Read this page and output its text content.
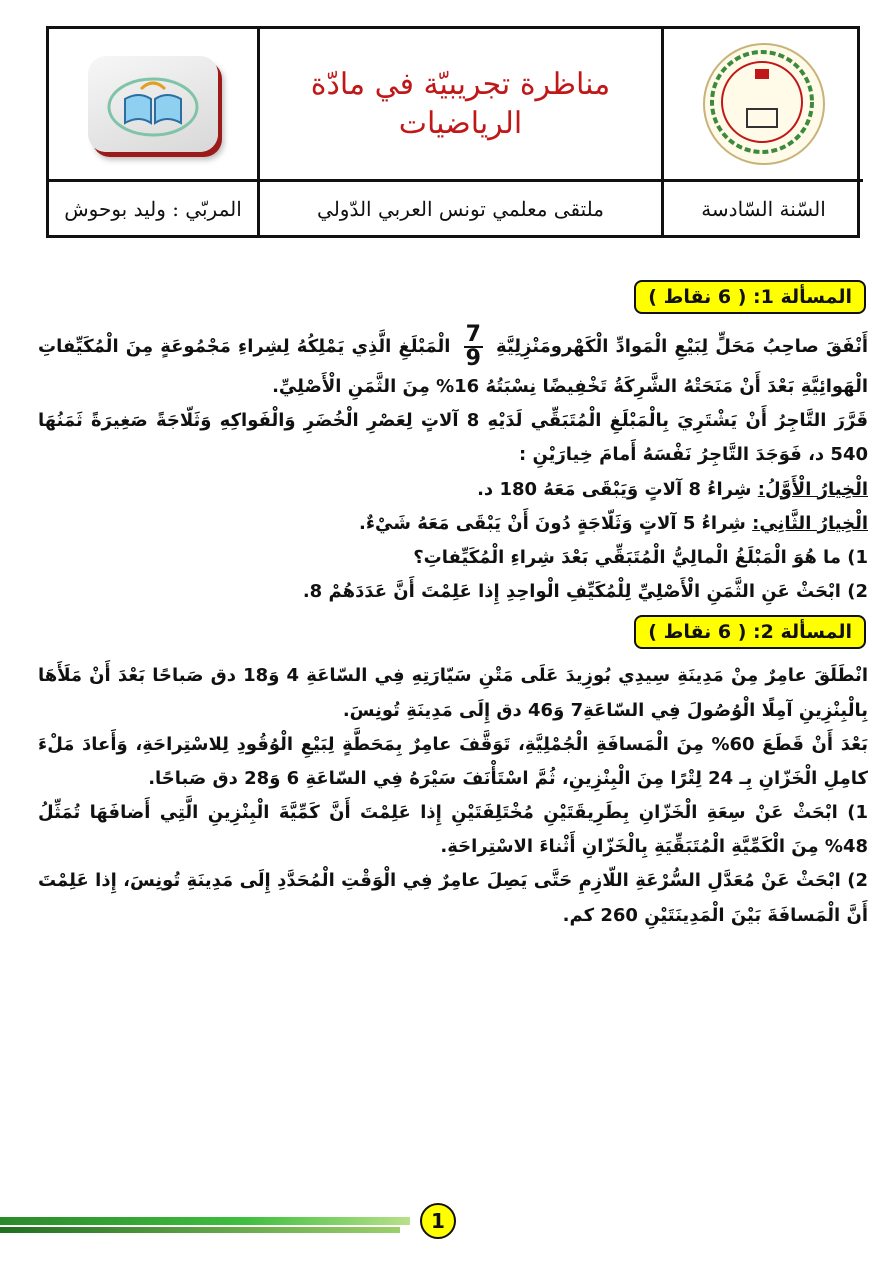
مناظرة تجريبيّة في مادّة
الرياضيات
المربّي : وليد بوحوش	ملتقى معلمي تونس العربي الدّولي	السّنة السّادسة
المسألة 1: ( 6 نقاط )

أَنْفَقَ صاحِبُ مَحَلٍّ لِبَيْعِ الْمَوادِّ الْكَهْرومَنْزِلِيَّةِ
$\frac{7}{9}$
الْمَبْلَغِ الَّذِي يَمْلِكُهُ لِشِراءِ مَجْمُوعَةٍ مِنَ الْمُكَيِّفاتِ الْهَوائِيَّةِ بَعْدَ أَنْ مَنَحَتْهُ الشَّرِكَةُ تَخْفِيضًا نِسْبَتُهُ 16% مِنَ الثَّمَنِ الْأَصْلِيِّ.

قَرَّرَ التَّاجِرُ أَنْ يَشْتَرِيَ بِالْمَبْلَغِ الْمُتَبَقِّي لَدَيْهِ 8 آلاتٍ لِعَصْرِ الْخُضَرِ وَالْفَواكِهِ وَثَلّاجَةً صَغِيرَةً ثَمَنُهَا 540 د، فَوَجَدَ التَّاجِرُ نَفْسَهُ أَمامَ خِيارَيْنِ :

الْخِيارُ الْأَوَّلُ: شِراءُ 8 آلاتٍ وَيَبْقَى مَعَهُ 180 د.

الْخِيارُ الثَّانِي: شِراءُ 5 آلاتٍ وَثَلّاجَةٍ دُونَ أَنْ يَبْقَى مَعَهُ شَيْءٌ.

1) ما هُوَ الْمَبْلَغُ الْمالِيُّ الْمُتَبَقِّي بَعْدَ شِراءِ الْمُكَيِّفاتِ؟

2) ابْحَثْ عَنِ الثَّمَنِ الْأَصْلِيِّ لِلْمُكَيِّفِ الْواحِدِ إِذا عَلِمْتَ أَنَّ عَدَدَهُمْ 8.

المسألة 2: ( 6 نقاط )

انْطَلَقَ عامِرٌ مِنْ مَدِينَةِ سِيدِي بُوزِيدَ عَلَى مَتْنِ سَيّارَتِهِ فِي السّاعَةِ 4 وَ18 دق صَباحًا بَعْدَ أَنْ مَلَأَهَا بِالْبِنْزِينِ آمِلًا الْوُصُولَ فِي السّاعَةِ7 وَ46 دق إِلَى مَدِينَةِ تُونِسَ.

بَعْدَ أَنْ قَطَعَ 60% مِنَ الْمَسافَةِ الْجُمْلِيَّةِ، تَوَقَّفَ عامِرٌ بِمَحَطَّةٍ لِبَيْعِ الْوُقُودِ لِلاسْتِراحَةِ، وَأَعادَ مَلْءَ كامِلِ الْخَزّانِ بِـ 24 لِتْرًا مِنَ الْبِنْزِينِ، ثُمَّ اسْتَأْنَفَ سَيْرَهُ فِي السّاعَةِ 6 وَ28 دق صَباحًا.

1) ابْحَثْ عَنْ سِعَةِ الْخَزّانِ بِطَرِيقَتَيْنِ مُخْتَلِفَتَيْنِ إِذا عَلِمْتَ أَنَّ كَمِّيَّةَ الْبِنْزِينِ الَّتِي أَضافَهَا تُمَثِّلُ 48% مِنَ الْكَمِّيَّةِ الْمُتَبَقِّيَةِ بِالْخَزّانِ أَثْناءَ الاسْتِراحَةِ.

2) ابْحَثْ عَنْ مُعَدَّلِ السُّرْعَةِ اللّازِمِ حَتَّى يَصِلَ عامِرٌ فِي الْوَقْتِ الْمُحَدَّدِ إِلَى مَدِينَةِ تُونِسَ، إِذا عَلِمْتَ أَنَّ الْمَسافَةَ بَيْنَ الْمَدِينَتَيْنِ 260 كم.

1
